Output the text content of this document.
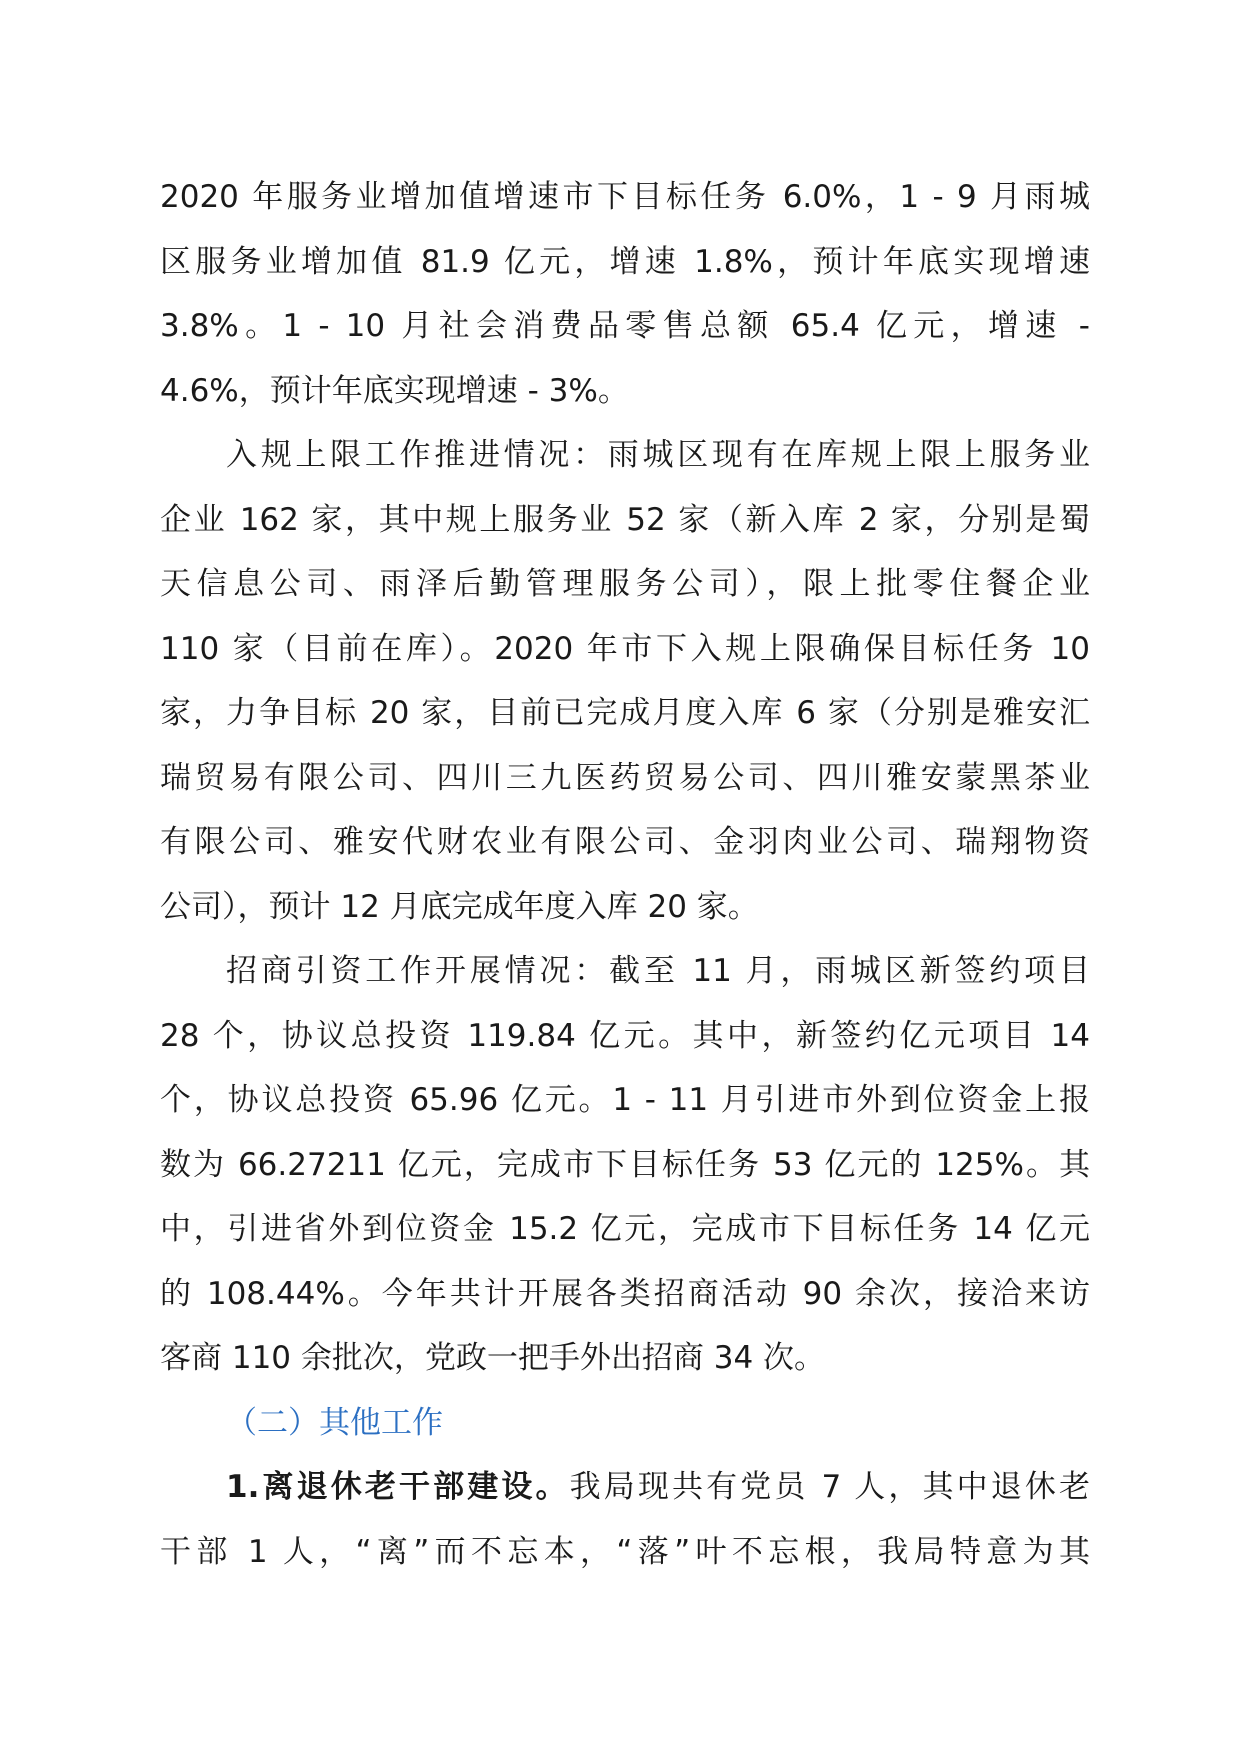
2020 年服务业增加值增速市下目标任务 6.0%，1 - 9 月雨城
区服务业增加值 81.9 亿元，增速 1.8%，预计年底实现增速
3.8%。1 - 10 月社会消费品零售总额 65.4 亿元，增速 -
4.6%，预计年底实现增速 - 3%。
入规上限工作推进情况：雨城区现有在库规上限上服务业
企业 162 家，其中规上服务业 52 家（新入库 2 家，分别是蜀
天信息公司、雨泽后勤管理服务公司），限上批零住餐企业
110 家（目前在库）。2020 年市下入规上限确保目标任务 10
家，力争目标 20 家，目前已完成月度入库 6 家（分别是雅安汇
瑞贸易有限公司、四川三九医药贸易公司、四川雅安蒙黑茶业
有限公司、雅安代财农业有限公司、金羽肉业公司、瑞翔物资
公司），预计 12 月底完成年度入库 20 家。
招商引资工作开展情况：截至 11 月，雨城区新签约项目
28 个，协议总投资 119.84 亿元。其中，新签约亿元项目 14
个，协议总投资 65.96 亿元。1 - 11 月引进市外到位资金上报
数为 66.27211 亿元，完成市下目标任务 53 亿元的 125%。其
中，引进省外到位资金 15.2 亿元，完成市下目标任务 14 亿元
的 108.44%。今年共计开展各类招商活动 90 余次，接洽来访
客商 110 余批次，党政一把手外出招商 34 次。
（二）其他工作
1.离退休老干部建设。我局现共有党员 7 人，其中退休老
干部 1 人，“离”而不忘本，“落”叶不忘根，我局特意为其
